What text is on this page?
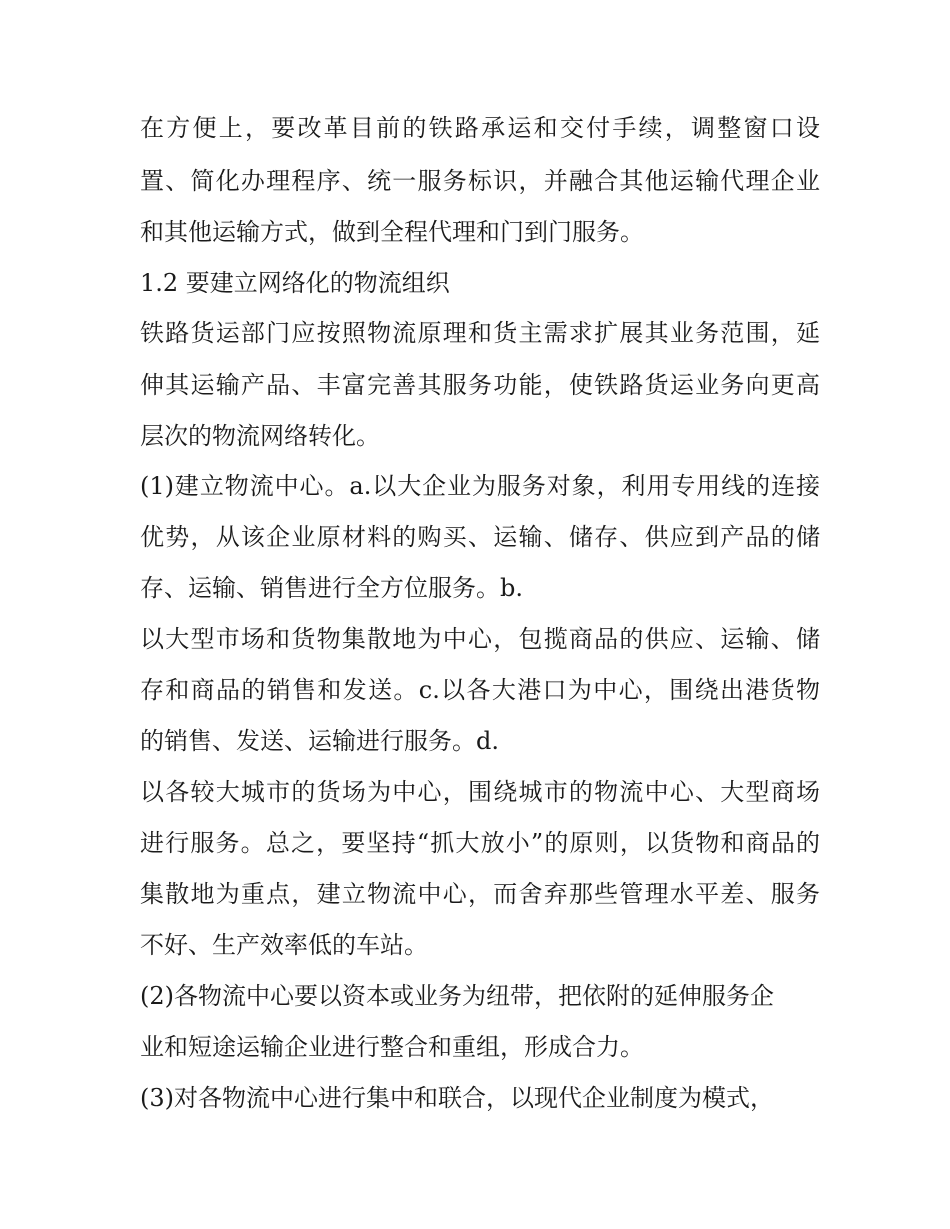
在方便上，要改革目前的铁路承运和交付手续，调整窗口设
置、简化办理程序、统一服务标识，并融合其他运输代理企业
和其他运输方式，做到全程代理和门到门服务。
1.2 要建立网络化的物流组织
铁路货运部门应按照物流原理和货主需求扩展其业务范围，延
伸其运输产品、丰富完善其服务功能，使铁路货运业务向更高
层次的物流网络转化。
(1)建立物流中心。a.以大企业为服务对象，利用专用线的连接
优势，从该企业原材料的购买、运输、储存、供应到产品的储
存、运输、销售进行全方位服务。b.
以大型市场和货物集散地为中心，包揽商品的供应、运输、储
存和商品的销售和发送。c.以各大港口为中心，围绕出港货物
的销售、发送、运输进行服务。d.
以各较大城市的货场为中心，围绕城市的物流中心、大型商场
进行服务。总之，要坚持“抓大放小”的原则，以货物和商品的
集散地为重点，建立物流中心，而舍弃那些管理水平差、服务
不好、生产效率低的车站。
(2)各物流中心要以资本或业务为纽带，把依附的延伸服务企
业和短途运输企业进行整合和重组，形成合力。
(3)对各物流中心进行集中和联合，以现代企业制度为模式，
